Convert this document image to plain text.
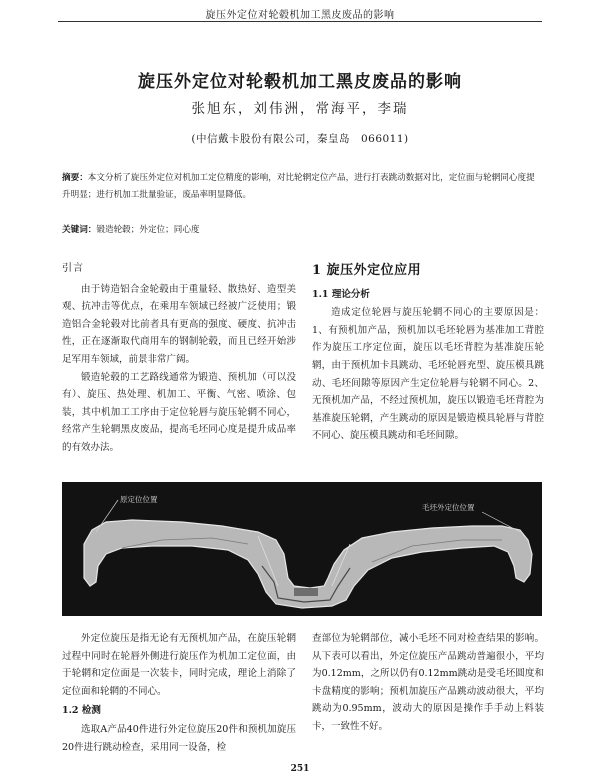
旋压外定位对轮毂机加工黑皮废品的影响
旋压外定位对轮毂机加工黑皮废品的影响
张旭东，刘伟洲，常海平，李瑞
(中信戴卡股份有限公司，秦皇岛　066011)
摘要：本文分析了旋压外定位对机加工定位精度的影响，对比轮辋定位产品，进行打表跳动数据对比，定位面与轮辋同心度提升明显；进行机加工批量验证，废品率明显降低。
关键词：锻造轮毂；外定位；同心度
引言

由于铸造铝合金轮毂由于重量轻、散热好、造型美观、抗冲击等优点，在乘用车领域已经被广泛使用；锻造铝合金轮毂对比前者具有更高的强度、硬度、抗冲击性，正在逐渐取代商用车的钢制轮毂，而且已经开始涉足军用车领域，前景非常广阔。

锻造轮毂的工艺路线通常为锻造、预机加（可以没有）、旋压、热处理、机加工、平衡、气密、喷涂、包装，其中机加工工序由于定位轮唇与旋压轮辋不同心，经常产生轮辋黑皮废品，提高毛坯同心度是提升成品率的有效办法。

1 旋压外定位应用
1.1 理论分析

造成定位轮唇与旋压轮辋不同心的主要原因是：1、有预机加产品，预机加以毛坯轮唇为基准加工背腔作为旋压工序定位面，旋压以毛坯背腔为基准旋压轮辋，由于预机加卡具跳动、毛坯轮唇充型、旋压模具跳动、毛坯间隙等原因产生定位轮唇与轮辋不同心。2、无预机加产品，不经过预机加，旋压以锻造毛坯背腔为基准旋压轮辋，产生跳动的原因是锻造模具轮唇与背腔不同心、旋压模具跳动和毛坯间隙。

原定位位置
毛坯外定位位置

外定位旋压是指无论有无预机加产品，在旋压轮辋过程中同时在轮唇外侧进行旋压作为机加工定位面，由于轮辋和定位面是一次装卡，同时完成，理论上消除了定位面和轮辋的不同心。

1.2 检测

选取A产品40件进行外定位旋压20件和预机加旋压20件进行跳动检查，采用同一设备，检

查部位为轮辋部位，减小毛坯不同对检查结果的影响。从下表可以看出，外定位旋压产品跳动普遍很小，平均为0.12mm，之所以仍有0.12mm跳动是受毛坯圆度和卡盘精度的影响；预机加旋压产品跳动波动很大，平均跳动为0.95mm，波动大的原因是操作手手动上料装卡，一致性不好。

251
